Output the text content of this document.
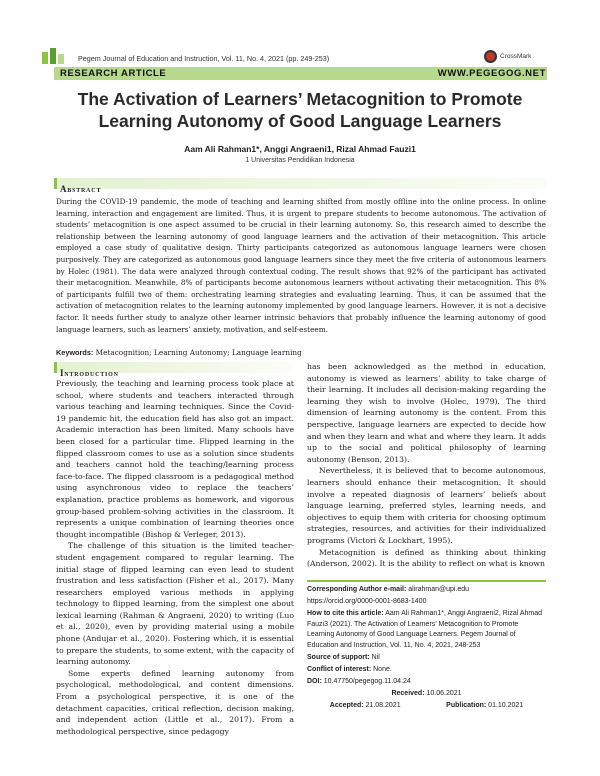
Pegem Journal of Education and Instruction, Vol. 11, No. 4, 2021 (pp. 249-253)	CrossMark
RESEARCH ARTICLE	WWW.PEGEGOG.NET
The Activation of Learners’ Metacognition to Promote
Learning Autonomy of Good Language Learners
Aam Ali Rahman1*, Anggi Angraeni1, Rizal Ahmad Fauzi1
1 Universitas Pendidikan Indonesia
Abstract
During the COVID-19 pandemic, the mode of teaching and learning shifted from mostly offline into the online process. In online learning, interaction and engagement are limited. Thus, it is urgent to prepare students to become autonomous. The activation of students’ metacognition is one aspect assumed to be crucial in their learning autonomy. So, this research aimed to describe the relationship between the learning autonomy of good language learners and the activation of their metacognition. This article employed a case study of qualitative design. Thirty participants categorized as autonomous language learners were chosen purposively. They are categorized as autonomous good language learners since they meet the five criteria of autonomous learners by Holec (1981). The data were analyzed through contextual coding. The result shows that 92% of the participant has activated their metacognition. Meanwhile, 8% of participants become autonomous learners without activating their metacognition. This 8% of participants fulfill two of them: orchestrating learning strategies and evaluating learning. Thus, it can be assumed that the activation of metacognition relates to the learning autonomy implemented by good language learners. However, it is not a decisive factor. It needs further study to analyze other learner intrinsic behaviors that probably influence the learning autonomy of good language learners, such as learners’ anxiety, motivation, and self-esteem.
Keywords: Metacognition; Learning Autonomy; Language learning
Introduction

Previously, the teaching and learning process took place at school, where students and teachers interacted through various teaching and learning techniques. Since the Covid-19 pandemic hit, the education field has also got an impact. Academic interaction has been limited. Many schools have been closed for a particular time. Flipped learning in the flipped classroom comes to use as a solution since students and teachers cannot hold the teaching/learning process face-to-face. The flipped classroom is a pedagogical method using asynchronous video to replace the teachers’ explanation, practice problems as homework, and vigorous group-based problem-solving activities in the classroom. It represents a unique combination of learning theories once thought incompatible (Bishop & Verleger, 2013).

The challenge of this situation is the limited teacher-student engagement compared to regular learning. The initial stage of flipped learning can even lead to student frustration and less satisfaction (Fisher et al., 2017). Many researchers employed various methods in applying technology to flipped learning, from the simplest one about lexical learning (Rahman & Angraeni, 2020) to writing (Luo et al., 2020), even by providing material using a mobile phone (Andujar et al., 2020). Fostering which, it is essential to prepare the students, to some extent, with the capacity of learning autonomy.

Some experts defined learning autonomy from psychological, methodological, and content dimensions. From a psychological perspective, it is one of the detachment capacities, critical reflection, decision making, and independent action (Little et al., 2017). From a methodological perspective, since pedagogy

has been acknowledged as the method in education, autonomy is viewed as learners’ ability to take charge of their learning. It includes all decision-making regarding the learning they wish to involve (Holec, 1979). The third dimension of learning autonomy is the content. From this perspective, language learners are expected to decide how and when they learn and what and where they learn. It adds up to the social and political philosophy of learning autonomy (Benson, 2013).

Nevertheless, it is believed that to become autonomous, learners should enhance their metacognition. It should involve a repeated diagnosis of learners’ beliefs about language learning, preferred styles, learning needs, and objectives to equip them with criteria for choosing optimum strategies, resources, and activities for their individualized programs (Victori & Lockhart, 1995).

Metacognition is defined as thinking about thinking (Anderson, 2002). It is the ability to reflect on what is known

Corresponding Author e-mail: alirahman@upi.edu
https://orcid.org/0000-0001-8683-1400
How to cite this article: Aam Ali Rahman1*, Anggi Angraeni2, Rizal Ahmad Fauzi3 (2021). The Activation of Learners’ Metacognition to Promote Learning Autonomy of Good Language Learners. Pegem Journal of Education and Instruction, Vol. 11, No. 4, 2021, 248-253
Source of support: Nil
Conflict of interest: None.
DOI: 10.47750/pegegog.11.04.24
Received: 10.06.2021
Accepted: 21.08.2021	Publication: 01.10.2021
